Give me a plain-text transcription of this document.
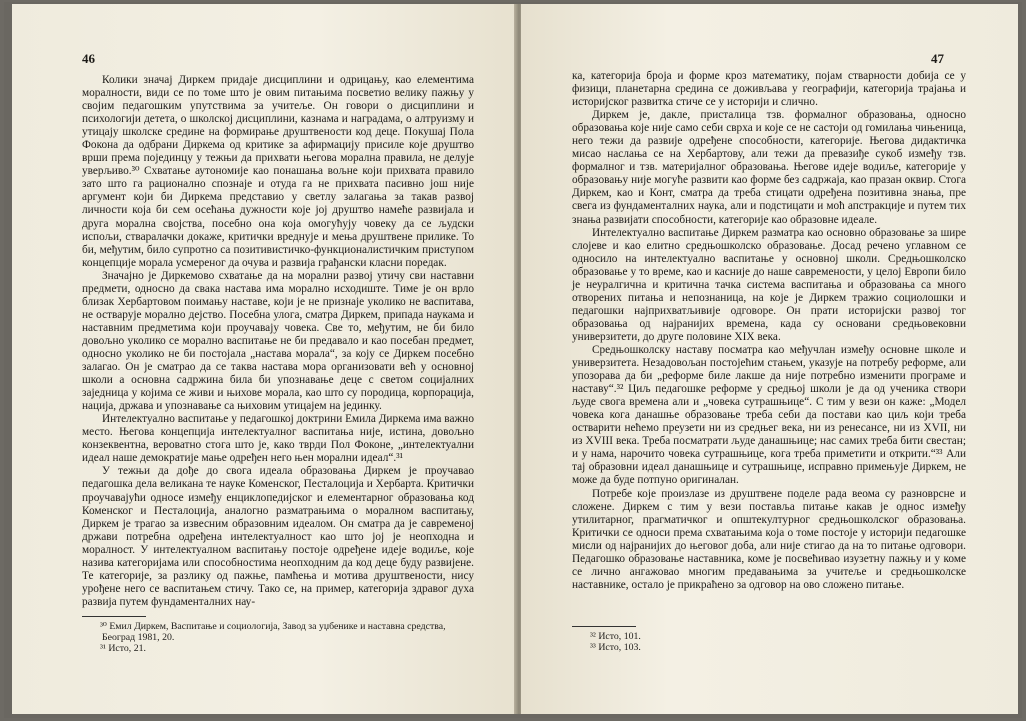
46

Колики значај Диркем придаје дисциплини и одрицању, као елементима моралности, види се по томе што је овим питањима посветио велику пажњу у својим педагошким упутствима за учитеље. Он говори о дисциплини и психологији детета, о школској дисциплини, казнама и наградама, о алтруизму и утицају школске средине на формирање друштвености код деце. Покушај Пола Фокона да одбрани Диркема од критике за афирмацију присиле које друштво врши према појединцу у тежњи да прихвати његова морална правила, не делује уверљиво.³⁰ Схватање аутономије као понашања вољне који прихвата правило зато што га рационално спознаје и отуда га не прихвата пасивно још није аргумент који би Диркема представио у светлу залагања за такав развој личности која би сем осећања дужности које јој друштво намеће развијала и друга морална својства, посебно она која омогућују човеку да се људски испољи, стваралачки докаже, критички вреднује и мења друштвене прилике. То би, међутим, било супротно са позитивистичко-функционалистичким приступом концепције морала усмереног да очува и развија грађански класни поредак.

Значајно је Диркемово схватање да на морални развој утичу сви наставни предмети, односно да свака настава има морално исходиште. Тиме је он врло близак Хербартовом поимању наставе, који је не признаје уколико не васпитава, не остварује морално дејство. Посебна улога, сматра Диркем, припада наукама и наставним предметима који проучавају човека. Све то, међутим, не би било довољно уколико се морално васпитање не би предавало и као посебан предмет, односно уколико не би постојала „настава морала“, за коју се Диркем посебно залагао. Он је сматрао да се таква настава мора организовати већ у основној школи а основна садржина била би упознавање деце с светом социјалних заједница у којима се живи и њихове морала, као што су породица, корпорација, нација, држава и упознавање са њиховим утицајем на јединку.

Интелектуално васпитање у педагошкој доктрини Емила Диркема има важно место. Његова концепција интелектуалног васпитања није, истина, довољно конзеквентна, вероватно стога што је, како тврди Пол Фоконе, „интелектуални идеал наше демократије мање одређен него њен морални идеал“.³¹

У тежњи да дође до свога идеала образовања Диркем је проучавао педагошка дела великана те науке Коменског, Песталоција и Хербарта. Критички проучавајући односе између енциклопедијског и елементарног образовања код Коменског и Песталоција, аналогно разматрањима о моралном васпитању, Диркем је трагао за извесним образовним идеалом. Он сматра да је савременој држави потребна одређена интелектуалност као што јој је неопходна и моралност. У интелектуалном васпитању постоје одређене идеје водиље, које назива категоријама или способностима неопходним да код деце буду развијене. Те категорије, за разлику од пажње, памћења и мотива друштвености, нису урођене него се васпитањем стичу. Тако се, на пример, категорија здравог духа развија путем фундаменталних нау-

³⁰ Емил Диркем, Васпитање и социологија, Завод за уџбенике и наставна средства, Београд 1981, 20.
³¹ Исто, 21.
47

ка, категорија броја и форме кроз математику, појам стварности добија се у физици, планетарна средина се доживљава у географији, категорија трајања и историјског развитка стиче се у историји и слично.

Диркем је, дакле, присталица тзв. формалног образовања, односно образовања које није само себи сврха и које се не састоји од гомилања чињеница, него тежи да развије одређене способности, категорије. Његова дидактичка мисао наслања се на Хербартову, али тежи да превазиђе сукоб између тзв. формалног и тзв. материјалног образовања. Његове идеје водиље, категорије у образовању није могуће развити као форме без садржаја, као празан оквир. Стога Диркем, као и Конт, сматра да треба стицати одређена позитивна знања, пре свега из фундаменталних наука, али и подстицати и моћ апстракције и путем тих знања развијати способности, категорије као образовне идеале.

Интелектуално васпитање Диркем разматра као основно образовање за шире слојеве и као елитно средњошколско образовање. Досад речено углавном се односило на интелектуално васпитање у основној школи. Средњошколско образовање у то време, као и касније до наше савремености, у целој Европи било је неуралгична и критична тачка система васпитања и образовања са много отворених питања и непознаница, на које је Диркем тражио социолошки и педагошки најприхватљивије одговоре. Он прати историјски развој тог образовања од најранијих времена, када су основани средњовековни универзитети, до друге половине XIX века.

Средњошколску наставу посматра као међучлан између основне школе и универзитета. Незадовољан постојећим стањем, указује на потребу реформе, али упозорава да би „реформе биле лакше да није потребно изменити програме и наставу“.³² Циљ педагошке реформе у средњој школи је да од ученика створи људе свога времена али и „човека сутрашњице“. С тим у вези он каже: „Модел човека кога данашње образовање треба себи да постави као циљ који треба остварити нећемо преузети ни из средњег века, ни из ренесансе, ни из XVII, ни из XVIII века. Треба посматрати људе данашњице; нас самих треба бити свестан; и у нама, нарочито човека сутрашњице, кога треба приметити и открити.“³³ Али тај образовни идеал данашњице и сутрашњице, исправно примењује Диркем, не може да буде потпуно оригиналан.

Потребе које произлазе из друштвене поделе рада веома су разноврсне и сложене. Диркем с тим у вези поставља питање какав је однос између утилитарног, прагматичког и општекултурног средњошколског образовања. Критички се односи према схватањима која о томе постоје у историји педагошке мисли од најранијих до његовог доба, али није стигао да на то питање одговори. Педагошко образовање наставника, коме је посвећивао изузетну пажњу и у коме се лично ангажовао многим предавањима за учитеље и средњошколске наставнике, остало је прикраћено за одговор на ово сложено питање.

³² Исто, 101.
³³ Исто, 103.
